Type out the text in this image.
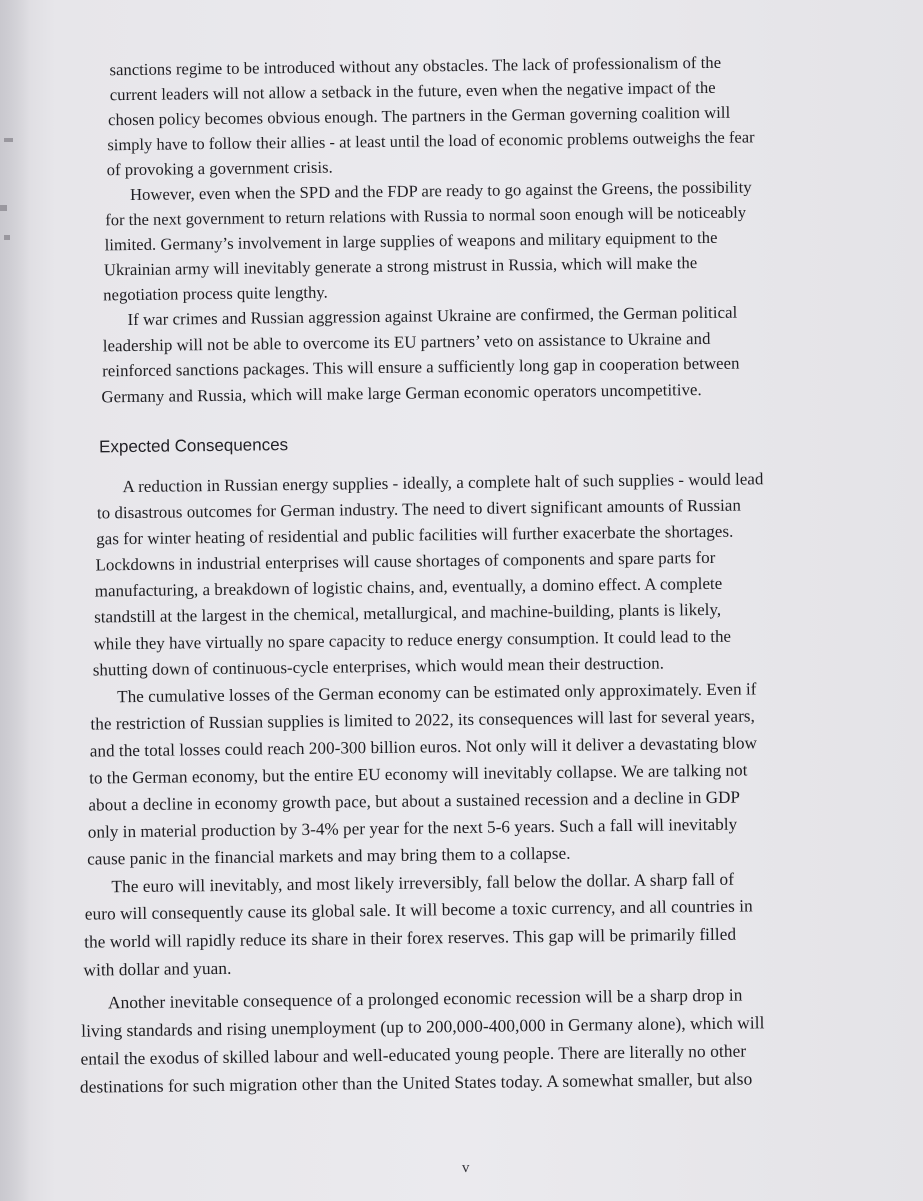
sanctions regime to be introduced without any obstacles. The lack of professionalism of the
current leaders will not allow a setback in the future, even when the negative impact of the
chosen policy becomes obvious enough. The partners in the German governing coalition will
simply have to follow their allies - at least until the load of economic problems outweighs the fear
of provoking a government crisis.
However, even when the SPD and the FDP are ready to go against the Greens, the possibility
for the next government to return relations with Russia to normal soon enough will be noticeably
limited. Germany’s involvement in large supplies of weapons and military equipment to the
Ukrainian army will inevitably generate a strong mistrust in Russia, which will make the
negotiation process quite lengthy.
If war crimes and Russian aggression against Ukraine are confirmed, the German political
leadership will not be able to overcome its EU partners’ veto on assistance to Ukraine and
reinforced sanctions packages. This will ensure a sufficiently long gap in cooperation between
Germany and Russia, which will make large German economic operators uncompetitive.
Expected Consequences
A reduction in Russian energy supplies - ideally, a complete halt of such supplies - would lead
to disastrous outcomes for German industry. The need to divert significant amounts of Russian
gas for winter heating of residential and public facilities will further exacerbate the shortages.
Lockdowns in industrial enterprises will cause shortages of components and spare parts for
manufacturing, a breakdown of logistic chains, and, eventually, a domino effect. A complete
standstill at the largest in the chemical, metallurgical, and machine-building, plants is likely,
while they have virtually no spare capacity to reduce energy consumption. It could lead to the
shutting down of continuous-cycle enterprises, which would mean their destruction.
The cumulative losses of the German economy can be estimated only approximately. Even if
the restriction of Russian supplies is limited to 2022, its consequences will last for several years,
and the total losses could reach 200-300 billion euros. Not only will it deliver a devastating blow
to the German economy, but the entire EU economy will inevitably collapse. We are talking not
about a decline in economy growth pace, but about a sustained recession and a decline in GDP
only in material production by 3-4% per year for the next 5-6 years. Such a fall will inevitably
cause panic in the financial markets and may bring them to a collapse.
The euro will inevitably, and most likely irreversibly, fall below the dollar. A sharp fall of
euro will consequently cause its global sale. It will become a toxic currency, and all countries in
the world will rapidly reduce its share in their forex reserves. This gap will be primarily filled
with dollar and yuan.
Another inevitable consequence of a prolonged economic recession will be a sharp drop in
living standards and rising unemployment (up to 200,000-400,000 in Germany alone), which will
entail the exodus of skilled labour and well-educated young people. There are literally no other
destinations for such migration other than the United States today. A somewhat smaller, but also
v
